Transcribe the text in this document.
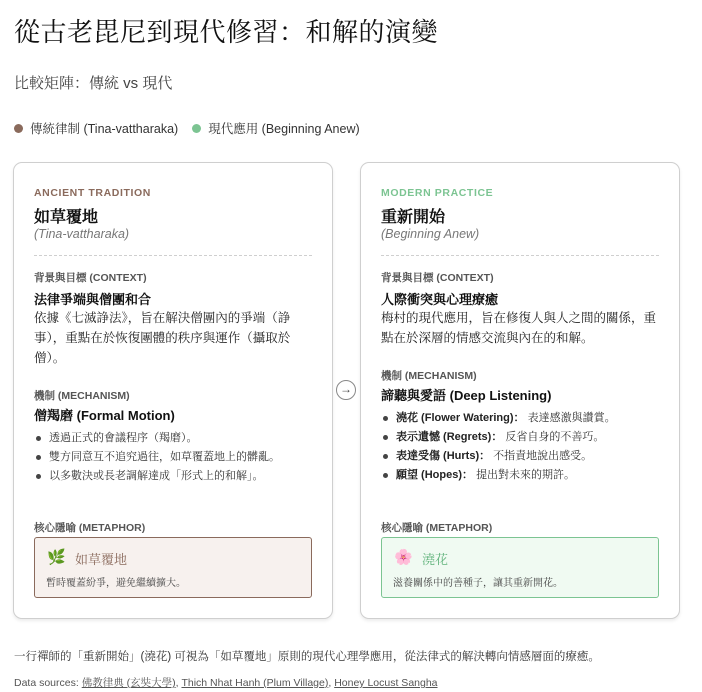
從古老毘尼到現代修習：和解的演變
比較矩陣：傳統 vs 現代
傳統律制 (Tina-vattharaka) 現代應用 (Beginning Anew)
ANCIENT TRADITION
如草覆地
(Tina-vattharaka)
背景與目標 (CONTEXT)
法律爭端與僧團和合
依據《七滅諍法》，旨在解決僧團內的爭端（諍事），重點在於恢復團體的秩序與運作（攝取於僧）。
機制 (MECHANISM)
僧羯磨 (Formal Motion)
透過正式的會議程序（羯磨）。
雙方同意互不追究過往，如草覆蓋地上的髒亂。
以多數決或長老調解達成「形式上的和解」。
核心隱喻 (METAPHOR)
🌿 如草覆地
暫時覆蓋紛爭，避免繼續擴大。
→
MODERN PRACTICE
重新開始
(Beginning Anew)
背景與目標 (CONTEXT)
人際衝突與心理療癒
梅村的現代應用，旨在修復人與人之間的關係，重點在於深層的情感交流與內在的和解。
機制 (MECHANISM)
諦聽與愛語 (Deep Listening)
澆花 (Flower Watering)： 表達感激與讚賞。
表示遺憾 (Regrets)： 反省自身的不善巧。
表達受傷 (Hurts)： 不指責地說出感受。
願望 (Hopes)： 提出對未來的期許。
核心隱喻 (METAPHOR)
🌸 澆花
滋養關係中的善種子，讓其重新開花。
一行禪師的「重新開始」(澆花) 可視為「如草覆地」原則的現代心理學應用，從法律式的解決轉向情感層面的療癒。
Data sources: 佛教律典 (玄奘大學), Thich Nhat Hanh (Plum Village), Honey Locust Sangha
